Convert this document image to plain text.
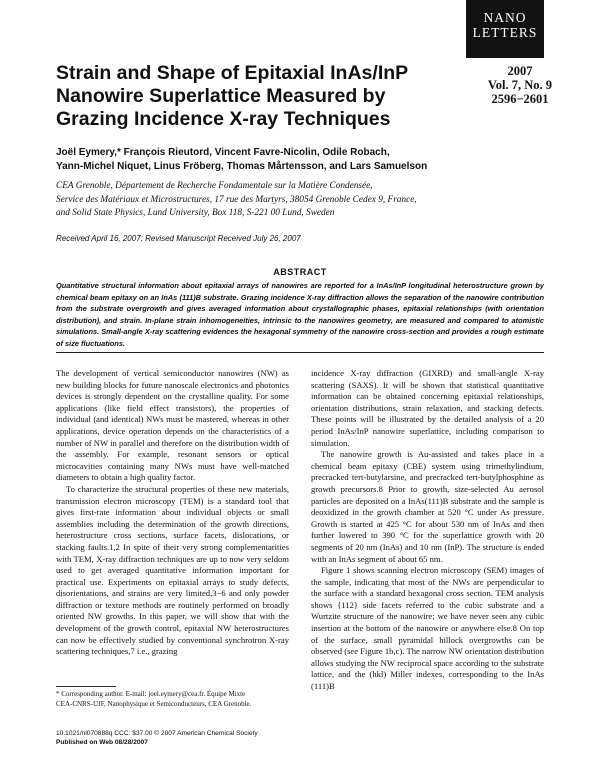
NANO
LETTERS
2007
Vol. 7, No. 9
2596−2601
Strain and Shape of Epitaxial InAs/InP Nanowire Superlattice Measured by Grazing Incidence X-ray Techniques
Joël Eymery,* François Rieutord, Vincent Favre-Nicolin, Odile Robach,
Yann-Michel Niquet, Linus Fröberg, Thomas Mårtensson, and Lars Samuelson
CEA Grenoble, Département de Recherche Fondamentale sur la Matière Condensée,
Service des Matériaux et Microstructures, 17 rue des Martyrs, 38054 Grenoble Cedex 9, France,
and Solid State Physics, Lund University, Box 118, S-221 00 Lund, Sweden

Received April 16, 2007; Revised Manuscript Received July 26, 2007

ABSTRACT

Quantitative structural information about epitaxial arrays of nanowires are reported for a InAs/InP longitudinal heterostructure grown by chemical beam epitaxy on an InAs (111)B substrate. Grazing incidence X-ray diffraction allows the separation of the nanowire contribution from the substrate overgrowth and gives averaged information about crystallographic phases, epitaxial relationships (with orientation distribution), and strain. In-plane strain inhomogeneities, intrinsic to the nanowires geometry, are measured and compared to atomistic simulations. Small-angle X-ray scattering evidences the hexagonal symmetry of the nanowire cross-section and provides a rough estimate of size fluctuations.

The development of vertical semiconductor nanowires (NW) as new building blocks for future nanoscale electronics and photonics devices is strongly dependent on the crystalline quality. For some applications (like field effect transistors), the properties of individual (and identical) NWs must be mastered, whereas in other applications, device operation depends on the characteristics of a number of NW in parallel and therefore on the distribution width of the assembly. For example, resonant sensors or optical microcavities containing many NWs must have well-matched diameters to obtain a high quality factor.

To characterize the structural properties of these new materials, transmission electron microscopy (TEM) is a standard tool that gives first-rate information about individual objects or small assemblies including the determination of the growth directions, heterostructure cross sections, surface facets, dislocations, or stacking faults.1,2 In spite of their very strong complementarities with TEM, X-ray diffraction techniques are up to now very seldom used to get averaged quantitative information important for practical use. Experiments on epitaxial arrays to study defects, disorientations, and strains are very limited,3−6 and only powder diffraction or texture methods are routinely performed on broadly oriented NW growths. In this paper, we will show that with the development of the growth control, epitaxial NW heterostructures can now be effectively studied by conventional synchrotron X-ray scattering techniques,7 i.e., grazing

incidence X-ray diffraction (GIXRD) and small-angle X-ray scattering (SAXS). It will be shown that statistical quantitative information can be obtained concerning epitaxial relationships, orientation distributions, strain relaxation, and stacking defects. These points will be illustrated by the detailed analysis of a 20 period InAs/InP nanowire superlattice, including comparison to simulation.

The nanowire growth is Au-assisted and takes place in a chemical beam epitaxy (CBE) system using trimethylindium, precracked tert-butylarsine, and precracked tert-butylphosphine as growth precursors.8 Prior to growth, size-selected Au aerosol particles are deposited on a InAs(111)B substrate and the sample is deoxidized in the growth chamber at 520 °C under As pressure. Growth is started at 425 °C for about 530 nm of InAs and then further lowered to 390 °C for the superlattice growth with 20 segments of 20 nm (InAs) and 10 nm (InP). The structure is ended with an InAs segment of about 65 nm.

Figure 1 shows scanning electron microscopy (SEM) images of the sample, indicating that most of the NWs are perpendicular to the surface with a standard hexagonal cross section. TEM analysis shows {112} side facets referred to the cubic substrate and a Wurtzite structure of the nanowire; we have never seen any cubic insertion at the bottom of the nanowire or anywhere else.8 On top of the surface, small pyramidal hillock overgrowths can be observed (see Figure 1b,c). The narrow NW orientation distribution allows studying the NW reciprocal space according to the substrate lattice, and the (hkl) Miller indexes, corresponding to the InAs (111)B

* Corresponding author. E-mail: joel.eymery@cea.fr. Équipe Mixte
CEA-CNRS-UJF, Nanophysique et Semiconducteurs, CEA Grenoble.

10.1021/nl070888q CCC: $37.00 © 2007 American Chemical Society

Published on Web 08/28/2007
